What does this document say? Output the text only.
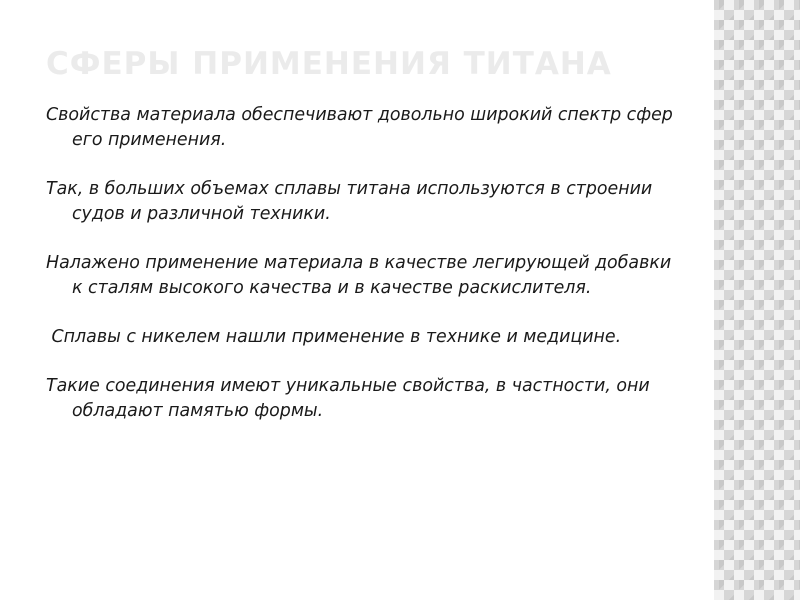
СФЕРЫ ПРИМЕНЕНИЯ ТИТАНА

Свойства материала обеспечивают довольно широкий спектр сфер его применения.

Так, в больших объемах сплавы титана используются в строении судов и различной техники.

Налажено применение материала в качестве легирующей добавки к сталям высокого качества и в качестве раскислителя.

Сплавы с никелем нашли применение в технике и медицине.

Такие соединения имеют уникальные свойства, в частности, они обладают памятью формы.
